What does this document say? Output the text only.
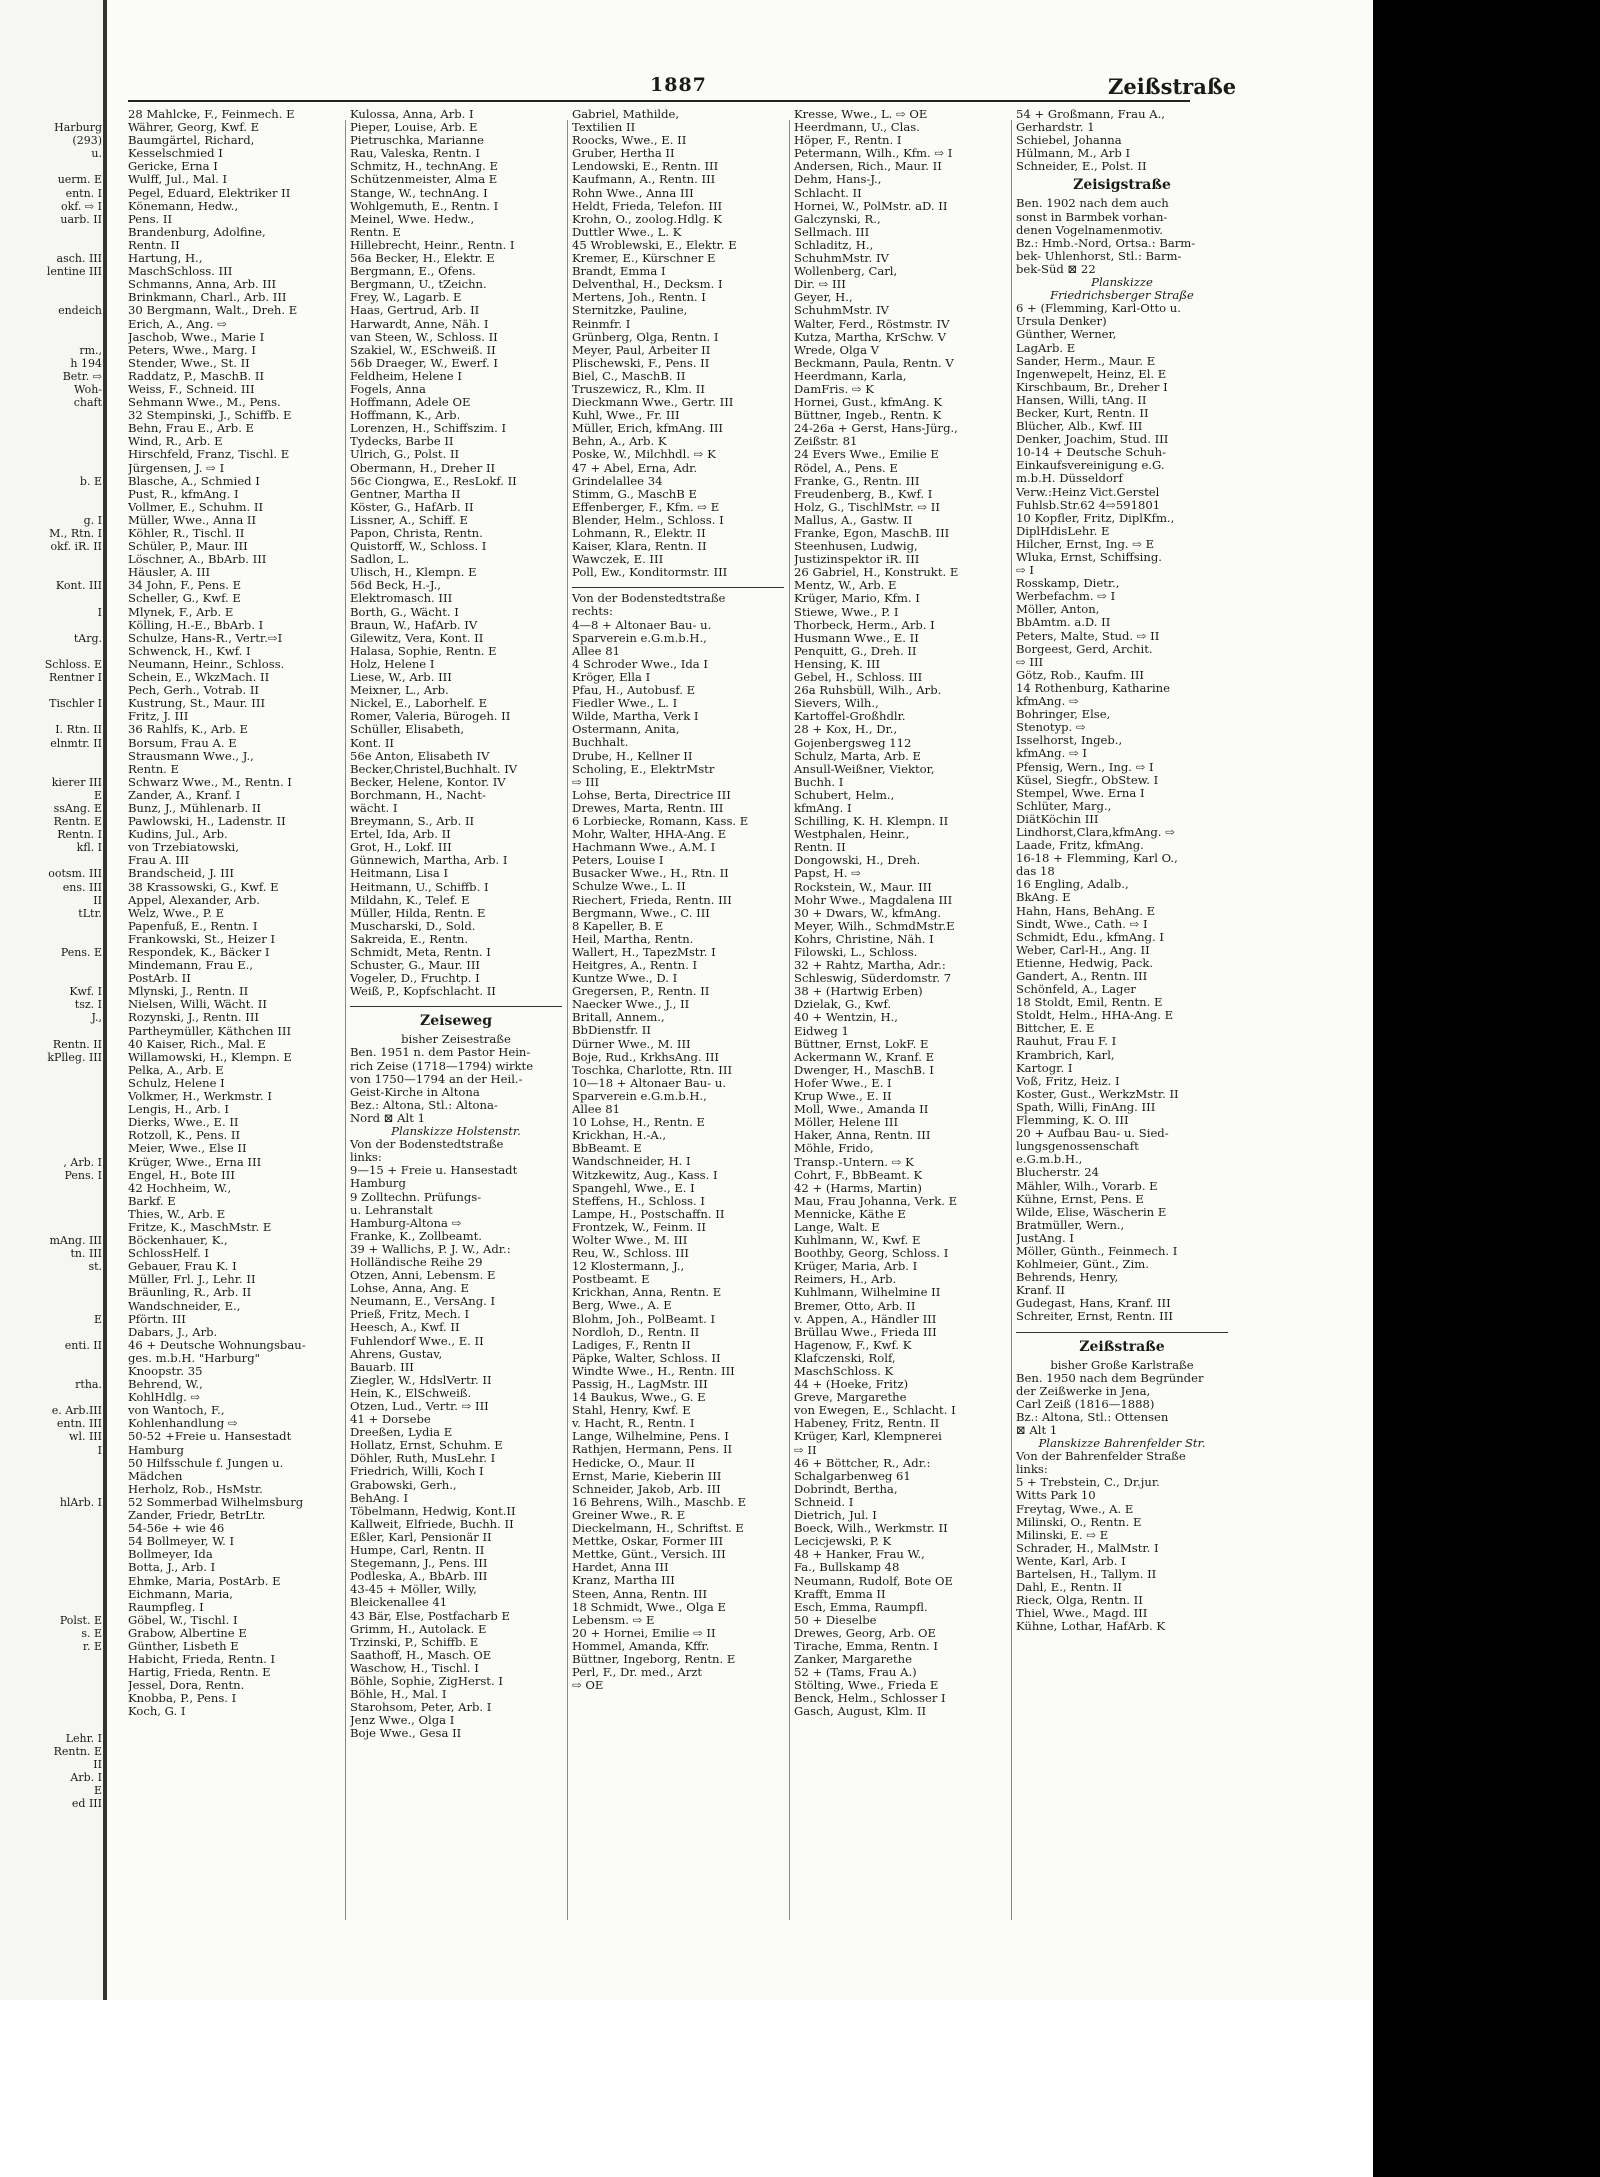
1887	Zeißstraße
Harburg
(293)
u.
uerm. E
entn. I
okf. ⇨ I
uarb. II
asch. III
lentine III
endeich
rm.,
h 194
Betr. ⇨
Woh-
chaft
b. E
g. I
M., Rtn. I
okf. iR. II
Kont. III
I
tArg.
Schloss. E
Rentner I
Tischler I
I. Rtn. II
elnmtr. II
kierer III
E
ssAng. E
Rentn. E
Rentn. I
kfl. I
ootsm. III
ens. III
II
tLtr.
Pens. E
Kwf. I
tsz. I
J.,
Rentn. II
kPlleg. III
, Arb. I
Pens. I
mAng. III
tn. III
st.
E
enti. II
rtha.
e. Arb.III
entn. III
wl. III
I
hlArb. I
Polst. E
s. E
r. E
Lehr. I
Rentn. E
II
Arb. I
E
ed III
28 Mahlcke, F., Feinmech. E
Währer, Georg, Kwf. E
Baumgärtel, Richard,
Kesselschmied I
Gericke, Erna I
Wulff, Jul., Mal. I
Pegel, Eduard, Elektriker II
Könemann, Hedw.,
Pens. II
Brandenburg, Adolfine,
Rentn. II
Hartung, H.,
MaschSchloss. III
Schmanns, Anna, Arb. III
Brinkmann, Charl., Arb. III
30 Bergmann, Walt., Dreh. E
Erich, A., Ang. ⇨
Jaschob, Wwe., Marie I
Peters, Wwe., Marg. I
Stender, Wwe., St. II
Raddatz, P., MaschB. II
Weiss, F., Schneid. III
Sehmann Wwe., M., Pens.
32 Stempinski, J., Schiffb. E
Behn, Frau E., Arb. E
Wind, R., Arb. E
Hirschfeld, Franz, Tischl. E
Jürgensen, J. ⇨ I
Blasche, A., Schmied I
Pust, R., kfmAng. I
Vollmer, E., Schuhm. II
Müller, Wwe., Anna II
Köhler, R., Tischl. II
Schüler, P., Maur. III
Löschner, A., BbArb. III
Häusler, A. III
34 John, F., Pens. E
Scheller, G., Kwf. E
Mlynek, F., Arb. E
Kölling, H.-E., BbArb. I
Schulze, Hans-R., Vertr.⇨I
Schwenck, H., Kwf. I
Neumann, Heinr., Schloss.
Schein, E., WkzMach. II
Pech, Gerh., Votrab. II
Kustrung, St., Maur. III
Fritz, J. III
36 Rahlfs, K., Arb. E
Borsum, Frau A. E
Strausmann Wwe., J.,
Rentn. E
Schwarz Wwe., M., Rentn. I
Zander, A., Kranf. I
Bunz, J., Mühlenarb. II
Pawlowski, H., Ladenstr. II
Kudins, Jul., Arb.
von Trzebiatowski,
Frau A. III
Brandscheid, J. III
38 Krassowski, G., Kwf. E
Appel, Alexander, Arb.
Welz, Wwe., P. E
Papenfuß, E., Rentn. I
Frankowski, St., Heizer I
Respondek, K., Bäcker I
Mindemann, Frau E.,
PostArb. II
Mlynski, J., Rentn. II
Nielsen, Willi, Wächt. II
Rozynski, J., Rentn. III
Partheymüller, Käthchen III
40 Kaiser, Rich., Mal. E
Willamowski, H., Klempn. E
Pelka, A., Arb. E
Schulz, Helene I
Volkmer, H., Werkmstr. I
Lengis, H., Arb. I
Dierks, Wwe., E. II
Rotzoll, K., Pens. II
Meier, Wwe., Else II
Krüger, Wwe., Erna III
Engel, H., Bote III
42 Hochheim, W.,
Barkf. E
Thies, W., Arb. E
Fritze, K., MaschMstr. E
Böckenhauer, K.,
SchlossHelf. I
Gebauer, Frau K. I
Müller, Frl. J., Lehr. II
Bräunling, R., Arb. II
Wandschneider, E.,
Pförtn. III
Dabars, J., Arb.
46 + Deutsche Wohnungsbau-
ges. m.b.H. "Harburg"
Knoopstr. 35
Behrend, W.,
KohlHdlg. ⇨
von Wantoch, F.,
Kohlenhandlung ⇨
50-52 +Freie u. Hansestadt
Hamburg
50 Hilfsschule f. Jungen u.
Mädchen
Herholz, Rob., HsMstr.
52 Sommerbad Wilhelmsburg
Zander, Friedr, BetrLtr.
54-56e + wie 46
54 Bollmeyer, W. I
Bollmeyer, Ida
Botta, J., Arb. I
Ehmke, Maria, PostArb. E
Eichmann, Maria,
Raumpfleg. I
Göbel, W., Tischl. I
Grabow, Albertine E
Günther, Lisbeth E
Habicht, Frieda, Rentn. I
Hartig, Frieda, Rentn. E
Jessel, Dora, Rentn.
Knobba, P., Pens. I
Koch, G. I
Kulossa, Anna, Arb. I
Pieper, Louise, Arb. E
Pietruschka, Marianne
Rau, Valeska, Rentn. I
Schmitz, H., technAng. E
Schützenmeister, Alma E
Stange, W., technAng. I
Wohlgemuth, E., Rentn. I
Meinel, Wwe. Hedw.,
Rentn. E
Hillebrecht, Heinr., Rentn. I
56a Becker, H., Elektr. E
Bergmann, E., Ofens.
Bergmann, U., tZeichn.
Frey, W., Lagarb. E
Haas, Gertrud, Arb. II
Harwardt, Anne, Näh. I
van Steen, W., Schloss. II
Szakiel, W., ESchweiß. II
56b Draeger, W., Ewerf. I
Feldheim, Helene I
Fogels, Anna
Hoffmann, Adele OE
Hoffmann, K., Arb.
Lorenzen, H., Schiffszim. I
Tydecks, Barbe II
Ulrich, G., Polst. II
Obermann, H., Dreher II
56c Ciongwa, E., ResLokf. II
Gentner, Martha II
Köster, G., HafArb. II
Lissner, A., Schiff. E
Papon, Christa, Rentn.
Quistorff, W., Schloss. I
Sadlon, L.
Ulisch, H., Klempn. E
56d Beck, H.-J.,
Elektromasch. III
Borth, G., Wächt. I
Braun, W., HafArb. IV
Gilewitz, Vera, Kont. II
Halasa, Sophie, Rentn. E
Holz, Helene I
Liese, W., Arb. III
Meixner, L., Arb.
Nickel, E., Laborhelf. E
Romer, Valeria, Bürogeh. II
Schüller, Elisabeth,
Kont. II
56e Anton, Elisabeth IV
Becker,Christel,Buchhalt. IV
Becker, Helene, Kontor. IV
Borchmann, H., Nacht-
wächt. I
Breymann, S., Arb. II
Ertel, Ida, Arb. II
Grot, H., Lokf. III
Günnewich, Martha, Arb. I
Heitmann, Lisa I
Heitmann, U., Schiffb. I
Mildahn, K., Telef. E
Müller, Hilda, Rentn. E
Muscharski, D., Sold.
Sakreida, E., Rentn.
Schmidt, Meta, Rentn. I
Schuster, G., Maur. III
Vogeler, D., Fruchtp. I
Weiß, P., Kopfschlacht. II
Zeiseweg
bisher Zeisestraße
Ben. 1951 n. dem Pastor Hein-
rich Zeise (1718—1794) wirkte
von 1750—1794 an der Heil.-
Geist-Kirche in Altona
Bez.: Altona, Stl.: Altona-
Nord ⊠ Alt 1
Planskizze Holstenstr.
Von der Bodenstedtstraße
links:
9—15 + Freie u. Hansestadt
Hamburg
9 Zolltechn. Prüfungs-
u. Lehranstalt
Hamburg-Altona ⇨
Franke, K., Zollbeamt.
39 + Wallichs, P. J. W., Adr.:
Holländische Reihe 29
Otzen, Anni, Lebensm. E
Lohse, Anna, Ang. E
Neumann, E., VersAng. I
Prieß, Fritz, Mech. I
Heesch, A., Kwf. II
Fuhlendorf Wwe., E. II
Ahrens, Gustav,
Bauarb. III
Ziegler, W., HdslVertr. II
Hein, K., ElSchweiß.
Otzen, Lud., Vertr. ⇨ III
41 + Dorsebe
Dreeßen, Lydia E
Hollatz, Ernst, Schuhm. E
Döhler, Ruth, MusLehr. I
Friedrich, Willi, Koch I
Grabowski, Gerh.,
BehAng. I
Töbelmann, Hedwig, Kont.II
Kallweit, Elfriede, Buchh. II
Eßler, Karl, Pensionär II
Humpe, Carl, Rentn. II
Stegemann, J., Pens. III
Podleska, A., BbArb. III
43-45 + Möller, Willy,
Bleickenallee 41
43 Bär, Else, Postfacharb E
Grimm, H., Autolack. E
Trzinski, P., Schiffb. E
Saathoff, H., Masch. OE
Waschow, H., Tischl. I
Böhle, Sophie, ZigHerst. I
Böhle, H., Mal. I
Starohsom, Peter, Arb. I
Jenz Wwe., Olga I
Boje Wwe., Gesa II
Gabriel, Mathilde,
Textilien II
Roocks, Wwe., E. II
Gruber, Hertha II
Lendowski, E., Rentn. III
Kaufmann, A., Rentn. III
Rohn Wwe., Anna III
Heldt, Frieda, Telefon. III
Krohn, O., zoolog.Hdlg. K
Duttler Wwe., L. K
45 Wroblewski, E., Elektr. E
Kremer, E., Kürschner E
Brandt, Emma I
Delventhal, H., Decksm. I
Mertens, Joh., Rentn. I
Sternitzke, Pauline,
Reinmfr. I
Grünberg, Olga, Rentn. I
Meyer, Paul, Arbeiter II
Plischewski, F., Pens. II
Biel, C., MaschB. II
Truszewicz, R., Klm. II
Dieckmann Wwe., Gertr. III
Kuhl, Wwe., Fr. III
Müller, Erich, kfmAng. III
Behn, A., Arb. K
Poske, W., Milchhdl. ⇨ K
47 + Abel, Erna, Adr.
Grindelallee 34
Stimm, G., MaschB E
Effenberger, F., Kfm. ⇨ E
Blender, Helm., Schloss. I
Lohmann, R., Elektr. II
Kaiser, Klara, Rentn. II
Wawczek, E. III
Poll, Ew., Konditormstr. III
Von der Bodenstedtstraße
rechts:
4—8 + Altonaer Bau- u.
Sparverein e.G.m.b.H.,
Allee 81
4 Schroder Wwe., Ida I
Kröger, Ella I
Pfau, H., Autobusf. E
Fiedler Wwe., L. I
Wilde, Martha, Verk I
Ostermann, Anita,
Buchhalt.
Drube, H., Kellner II
Scholing, E., ElektrMstr
⇨ III
Lohse, Berta, Directrice III
Drewes, Marta, Rentn. III
6 Lorbiecke, Romann, Kass. E
Mohr, Walter, HHA-Ang. E
Hachmann Wwe., A.M. I
Peters, Louise I
Busacker Wwe., H., Rtn. II
Schulze Wwe., L. II
Riechert, Frieda, Rentn. III
Bergmann, Wwe., C. III
8 Kapeller, B. E
Heil, Martha, Rentn.
Wallert, H., TapezMstr. I
Heitgres, A., Rentn. I
Kuntze Wwe., D. I
Gregersen, P., Rentn. II
Naecker Wwe., J., II
Britall, Annem.,
BbDienstfr. II
Dürner Wwe., M. III
Boje, Rud., KrkhsAng. III
Toschka, Charlotte, Rtn. III
10—18 + Altonaer Bau- u.
Sparverein e.G.m.b.H.,
Allee 81
10 Lohse, H., Rentn. E
Krickhan, H.-A.,
BbBeamt. E
Wandschneider, H. I
Witzkewitz, Aug., Kass. I
Spangehl, Wwe., E. I
Steffens, H., Schloss. I
Lampe, H., Postschaffn. II
Frontzek, W., Feinm. II
Wolter Wwe., M. III
Reu, W., Schloss. III
12 Klostermann, J.,
Postbeamt. E
Krickhan, Anna, Rentn. E
Berg, Wwe., A. E
Blohm, Joh., PolBeamt. I
Nordloh, D., Rentn. II
Ladiges, F., Rentn II
Päpke, Walter, Schloss. II
Windte Wwe., H., Rentn. III
Passig, H., LagMstr. III
14 Baukus, Wwe., G. E
Stahl, Henry, Kwf. E
v. Hacht, R., Rentn. I
Lange, Wilhelmine, Pens. I
Rathjen, Hermann, Pens. II
Hedicke, O., Maur. II
Ernst, Marie, Kieberin III
Schneider, Jakob, Arb. III
16 Behrens, Wilh., Maschb. E
Greiner Wwe., R. E
Dieckelmann, H., Schriftst. E
Mettke, Oskar, Former III
Mettke, Günt., Versich. III
Hardet, Anna III
Kranz, Martha III
Steen, Anna, Rentn. III
18 Schmidt, Wwe., Olga E
Lebensm. ⇨ E
20 + Hornei, Emilie ⇨ II
Hommel, Amanda, Kffr.
Büttner, Ingeborg, Rentn. E
Perl, F., Dr. med., Arzt
⇨ OE
Kresse, Wwe., L. ⇨ OE
Heerdmann, U., Clas.
Höper, F., Rentn. I
Petermann, Wilh., Kfm. ⇨ I
Andersen, Rich., Maur. II
Dehm, Hans-J.,
Schlacht. II
Hornei, W., PolMstr. aD. II
Galczynski, R.,
Sellmach. III
Schladitz, H.,
SchuhmMstr. IV
Wollenberg, Carl,
Dir. ⇨ III
Geyer, H.,
SchuhmMstr. IV
Walter, Ferd., Röstmstr. IV
Kutza, Martha, KrSchw. V
Wrede, Olga V
Beckmann, Paula, Rentn. V
Heerdmann, Karla,
DamFris. ⇨ K
Hornei, Gust., kfmAng. K
Büttner, Ingeb., Rentn. K
24-26a + Gerst, Hans-Jürg.,
Zeißstr. 81
24 Evers Wwe., Emilie E
Rödel, A., Pens. E
Franke, G., Rentn. III
Freudenberg, B., Kwf. I
Holz, G., TischlMstr. ⇨ II
Mallus, A., Gastw. II
Franke, Egon, MaschB. III
Steenhusen, Ludwig,
Justizinspektor iR. III
26 Gabriel, H., Konstrukt. E
Mentz, W., Arb. E
Krüger, Mario, Kfm. I
Stiewe, Wwe., P. I
Thorbeck, Herm., Arb. I
Husmann Wwe., E. II
Penquitt, G., Dreh. II
Hensing, K. III
Gebel, H., Schloss. III
26a Ruhsbüll, Wilh., Arb.
Sievers, Wilh.,
Kartoffel-Großhdlr.
28 + Kox, H., Dr.,
Gojenbergsweg 112
Schulz, Marta, Arb. E
Ansull-Weißner, Viektor,
Buchh. I
Schubert, Helm.,
kfmAng. I
Schilling, K. H. Klempn. II
Westphalen, Heinr.,
Rentn. II
Dongowski, H., Dreh.
Papst, H. ⇨
Rockstein, W., Maur. III
Mohr Wwe., Magdalena III
30 + Dwars, W., kfmAng.
Meyer, Wilh., SchmdMstr.E
Kohrs, Christine, Näh. I
Filowski, L., Schloss.
32 + Rahtz, Martha, Adr.:
Schleswig, Süderdomstr. 7
38 + (Hartwig Erben)
Dzielak, G., Kwf.
40 + Wentzin, H.,
Eidweg 1
Büttner, Ernst, LokF. E
Ackermann W., Kranf. E
Dwenger, H., MaschB. I
Hofer Wwe., E. I
Krup Wwe., E. II
Moll, Wwe., Amanda II
Möller, Helene III
Haker, Anna, Rentn. III
Möhle, Frido,
Transp.-Untern. ⇨ K
Cohrt, F., BbBeamt. K
42 + (Harms, Martin)
Mau, Frau Johanna, Verk. E
Mennicke, Käthe E
Lange, Walt. E
Kuhlmann, W., Kwf. E
Boothby, Georg, Schloss. I
Krüger, Maria, Arb. I
Reimers, H., Arb.
Kuhlmann, Wilhelmine II
Bremer, Otto, Arb. II
v. Appen, A., Händler III
Brüllau Wwe., Frieda III
Hagenow, F., Kwf. K
Klafczenski, Rolf,
MaschSchloss. K
44 + (Hoeke, Fritz)
Greve, Margarethe
von Ewegen, E., Schlacht. I
Habeney, Fritz, Rentn. II
Krüger, Karl, Klempnerei
⇨ II
46 + Böttcher, R., Adr.:
Schalgarbenweg 61
Dobrindt, Bertha,
Schneid. I
Dietrich, Jul. I
Boeck, Wilh., Werkmstr. II
Lecicjewski, P. K
48 + Hanker, Frau W.,
Fa., Bullskamp 48
Neumann, Rudolf, Bote OE
Krafft, Emma II
Esch, Emma, Raumpfl.
50 + Dieselbe
Drewes, Georg, Arb. OE
Tirache, Emma, Rentn. I
Zanker, Margarethe
52 + (Tams, Frau A.)
Stölting, Wwe., Frieda E
Benck, Helm., Schlosser I
Gasch, August, Klm. II
54 + Großmann, Frau A.,
Gerhardstr. 1
Schiebel, Johanna
Hülmann, M., Arb I
Schneider, E., Polst. II
Zeisigstraße
Ben. 1902 nach dem auch
sonst in Barmbek vorhan-
denen Vogelnamenmotiv.
Bz.: Hmb.-Nord, Ortsa.: Barm-
bek- Uhlenhorst, Stl.: Barm-
bek-Süd ⊠ 22
Planskizze
Friedrichsberger Straße
6 + (Flemming, Karl-Otto u.
Ursula Denker)
Günther, Werner,
LagArb. E
Sander, Herm., Maur. E
Ingenwepelt, Heinz, El. E
Kirschbaum, Br., Dreher I
Hansen, Willi, tAng. II
Becker, Kurt, Rentn. II
Blücher, Alb., Kwf. III
Denker, Joachim, Stud. III
10-14 + Deutsche Schuh-
Einkaufsvereinigung e.G.
m.b.H. Düsseldorf
Verw.:Heinz Vict.Gerstel
Fuhlsb.Str.62 4⇨591801
10 Kopfler, Fritz, DiplKfm.,
DiplHdisLehr. E
Hilcher, Ernst, Ing. ⇨ E
Wluka, Ernst, Schiffsing.
⇨ I
Rosskamp, Dietr.,
Werbefachm. ⇨ I
Möller, Anton,
BbAmtm. a.D. II
Peters, Malte, Stud. ⇨ II
Borgeest, Gerd, Archit.
⇨ III
Götz, Rob., Kaufm. III
14 Rothenburg, Katharine
kfmAng. ⇨
Bohringer, Else,
Stenotyp. ⇨
Isselhorst, Ingeb.,
kfmAng. ⇨ I
Pfensig, Wern., Ing. ⇨ I
Küsel, Siegfr., ObStew. I
Stempel, Wwe. Erna I
Schlüter, Marg.,
DiätKöchin III
Lindhorst,Clara,kfmAng. ⇨
Laade, Fritz, kfmAng.
16-18 + Flemming, Karl O.,
das 18
16 Engling, Adalb.,
BkAng. E
Hahn, Hans, BehAng. E
Sindt, Wwe., Cath. ⇨ I
Schmidt, Edu., kfmAng. I
Weber, Carl-H., Ang. II
Etienne, Hedwig, Pack.
Gandert, A., Rentn. III
Schönfeld, A., Lager
18 Stoldt, Emil, Rentn. E
Stoldt, Helm., HHA-Ang. E
Bittcher, E. E
Rauhut, Frau F. I
Krambrich, Karl,
Kartogr. I
Voß, Fritz, Heiz. I
Koster, Gust., WerkzMstr. II
Spath, Willi, FinAng. III
Flemming, K. O. III
20 + Aufbau Bau- u. Sied-
lungsgenossenschaft
e.G.m.b.H.,
Blucherstr. 24
Mähler, Wilh., Vorarb. E
Kühne, Ernst, Pens. E
Wilde, Elise, Wäscherin E
Bratmüller, Wern.,
JustAng. I
Möller, Günth., Feinmech. I
Kohlmeier, Günt., Zim.
Behrends, Henry,
Kranf. II
Gudegast, Hans, Kranf. III
Schreiter, Ernst, Rentn. III
Zeißstraße
bisher Große Karlstraße
Ben. 1950 nach dem Begründer
der Zeißwerke in Jena,
Carl Zeiß (1816—1888)
Bz.: Altona, Stl.: Ottensen
⊠ Alt 1
Planskizze Bahrenfelder Str.
Von der Bahrenfelder Straße
links:
5 + Trebstein, C., Dr.jur.
Witts Park 10
Freytag, Wwe., A. E
Milinski, O., Rentn. E
Milinski, E. ⇨ E
Schrader, H., MalMstr. I
Wente, Karl, Arb. I
Bartelsen, H., Tallym. II
Dahl, E., Rentn. II
Rieck, Olga, Rentn. II
Thiel, Wwe., Magd. III
Kühne, Lothar, HafArb. K
